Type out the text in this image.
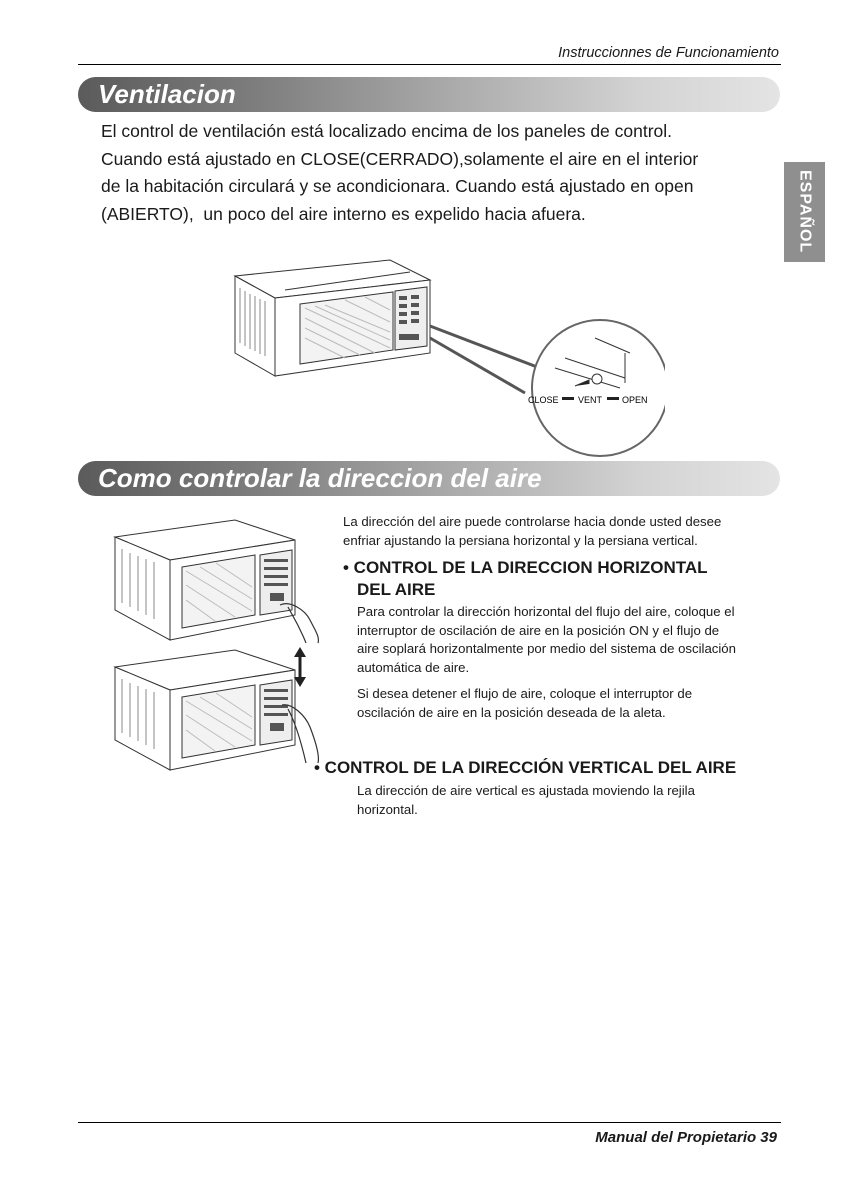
Instruccionnes de Funcionamiento
Ventilacion

El control de ventilación está localizado encima de los paneles de control.
Cuando está ajustado en CLOSE(CERRADO),solamente el aire en el interior
de la habitación circulará y se acondicionara. Cuando está ajustado en open
(ABIERTO),  un poco del aire interno es expelido hacia afuera.	ESPAÑOL
CLOSE VENT OPEN
Como controlar la direccion del aire

La dirección del aire puede controlarse hacia donde usted desee
enfriar ajustando la persiana horizontal y la persiana vertical.

• CONTROL DE LA DIRECCION HORIZONTAL
DEL AIRE

Para controlar la dirección horizontal del flujo del aire, coloque el
interruptor de oscilación de aire en la posición ON y el flujo de
aire soplará horizontalmente por medio del sistema de oscilación
automática de aire.

Si desea detener el flujo de aire, coloque el interruptor de
oscilación de aire en la posición deseada de la aleta.

• CONTROL DE LA DIRECCIÓN VERTICAL DEL AIRE

La dirección de aire vertical es ajustada moviendo la rejila
horizontal.

Manual del Propietario 39
